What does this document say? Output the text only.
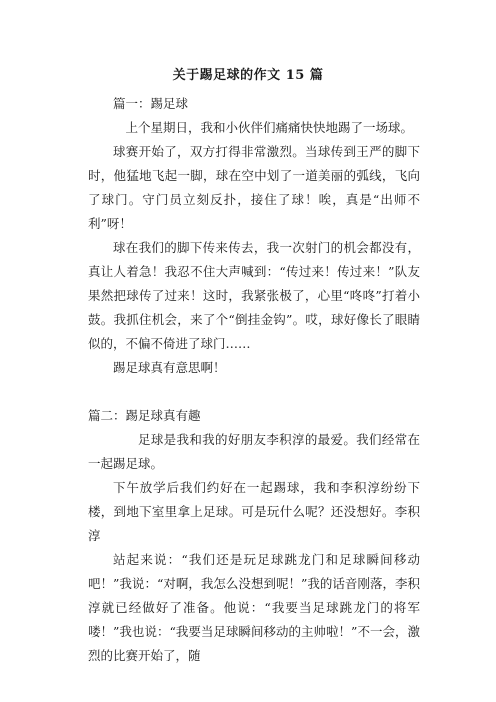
关于踢足球的作文 15 篇

篇一：踢足球

上个星期日，我和小伙伴们痛痛快快地踢了一场球。

球赛开始了，双方打得非常激烈。当球传到王严的脚下时，他猛地飞起一脚，球在空中划了一道美丽的弧线，飞向了球门。守门员立刻反扑，接住了球！唉，真是“出师不利”呀！

球在我们的脚下传来传去，我一次射门的机会都没有，真让人着急！我忍不住大声喊到：“传过来！传过来！”队友果然把球传了过来！这时，我紧张极了，心里“咚咚”打着小鼓。我抓住机会，来了个“倒挂金钩”。哎，球好像长了眼睛似的，不偏不倚进了球门……

踢足球真有意思啊！

篇二：踢足球真有趣

足球是我和我的好朋友李积淳的最爱。我们经常在一起踢足球。

下午放学后我们约好在一起踢球，我和李积淳纷纷下楼，到地下室里拿上足球。可是玩什么呢？还没想好。李积淳

站起来说：“我们还是玩足球跳龙门和足球瞬间移动吧！”我说：“对啊，我怎么没想到呢！”我的话音刚落，李积淳就已经做好了准备。他说：“我要当足球跳龙门的将军喽！”我也说：“我要当足球瞬间移动的主帅啦！”不一会，激烈的比赛开始了，随
